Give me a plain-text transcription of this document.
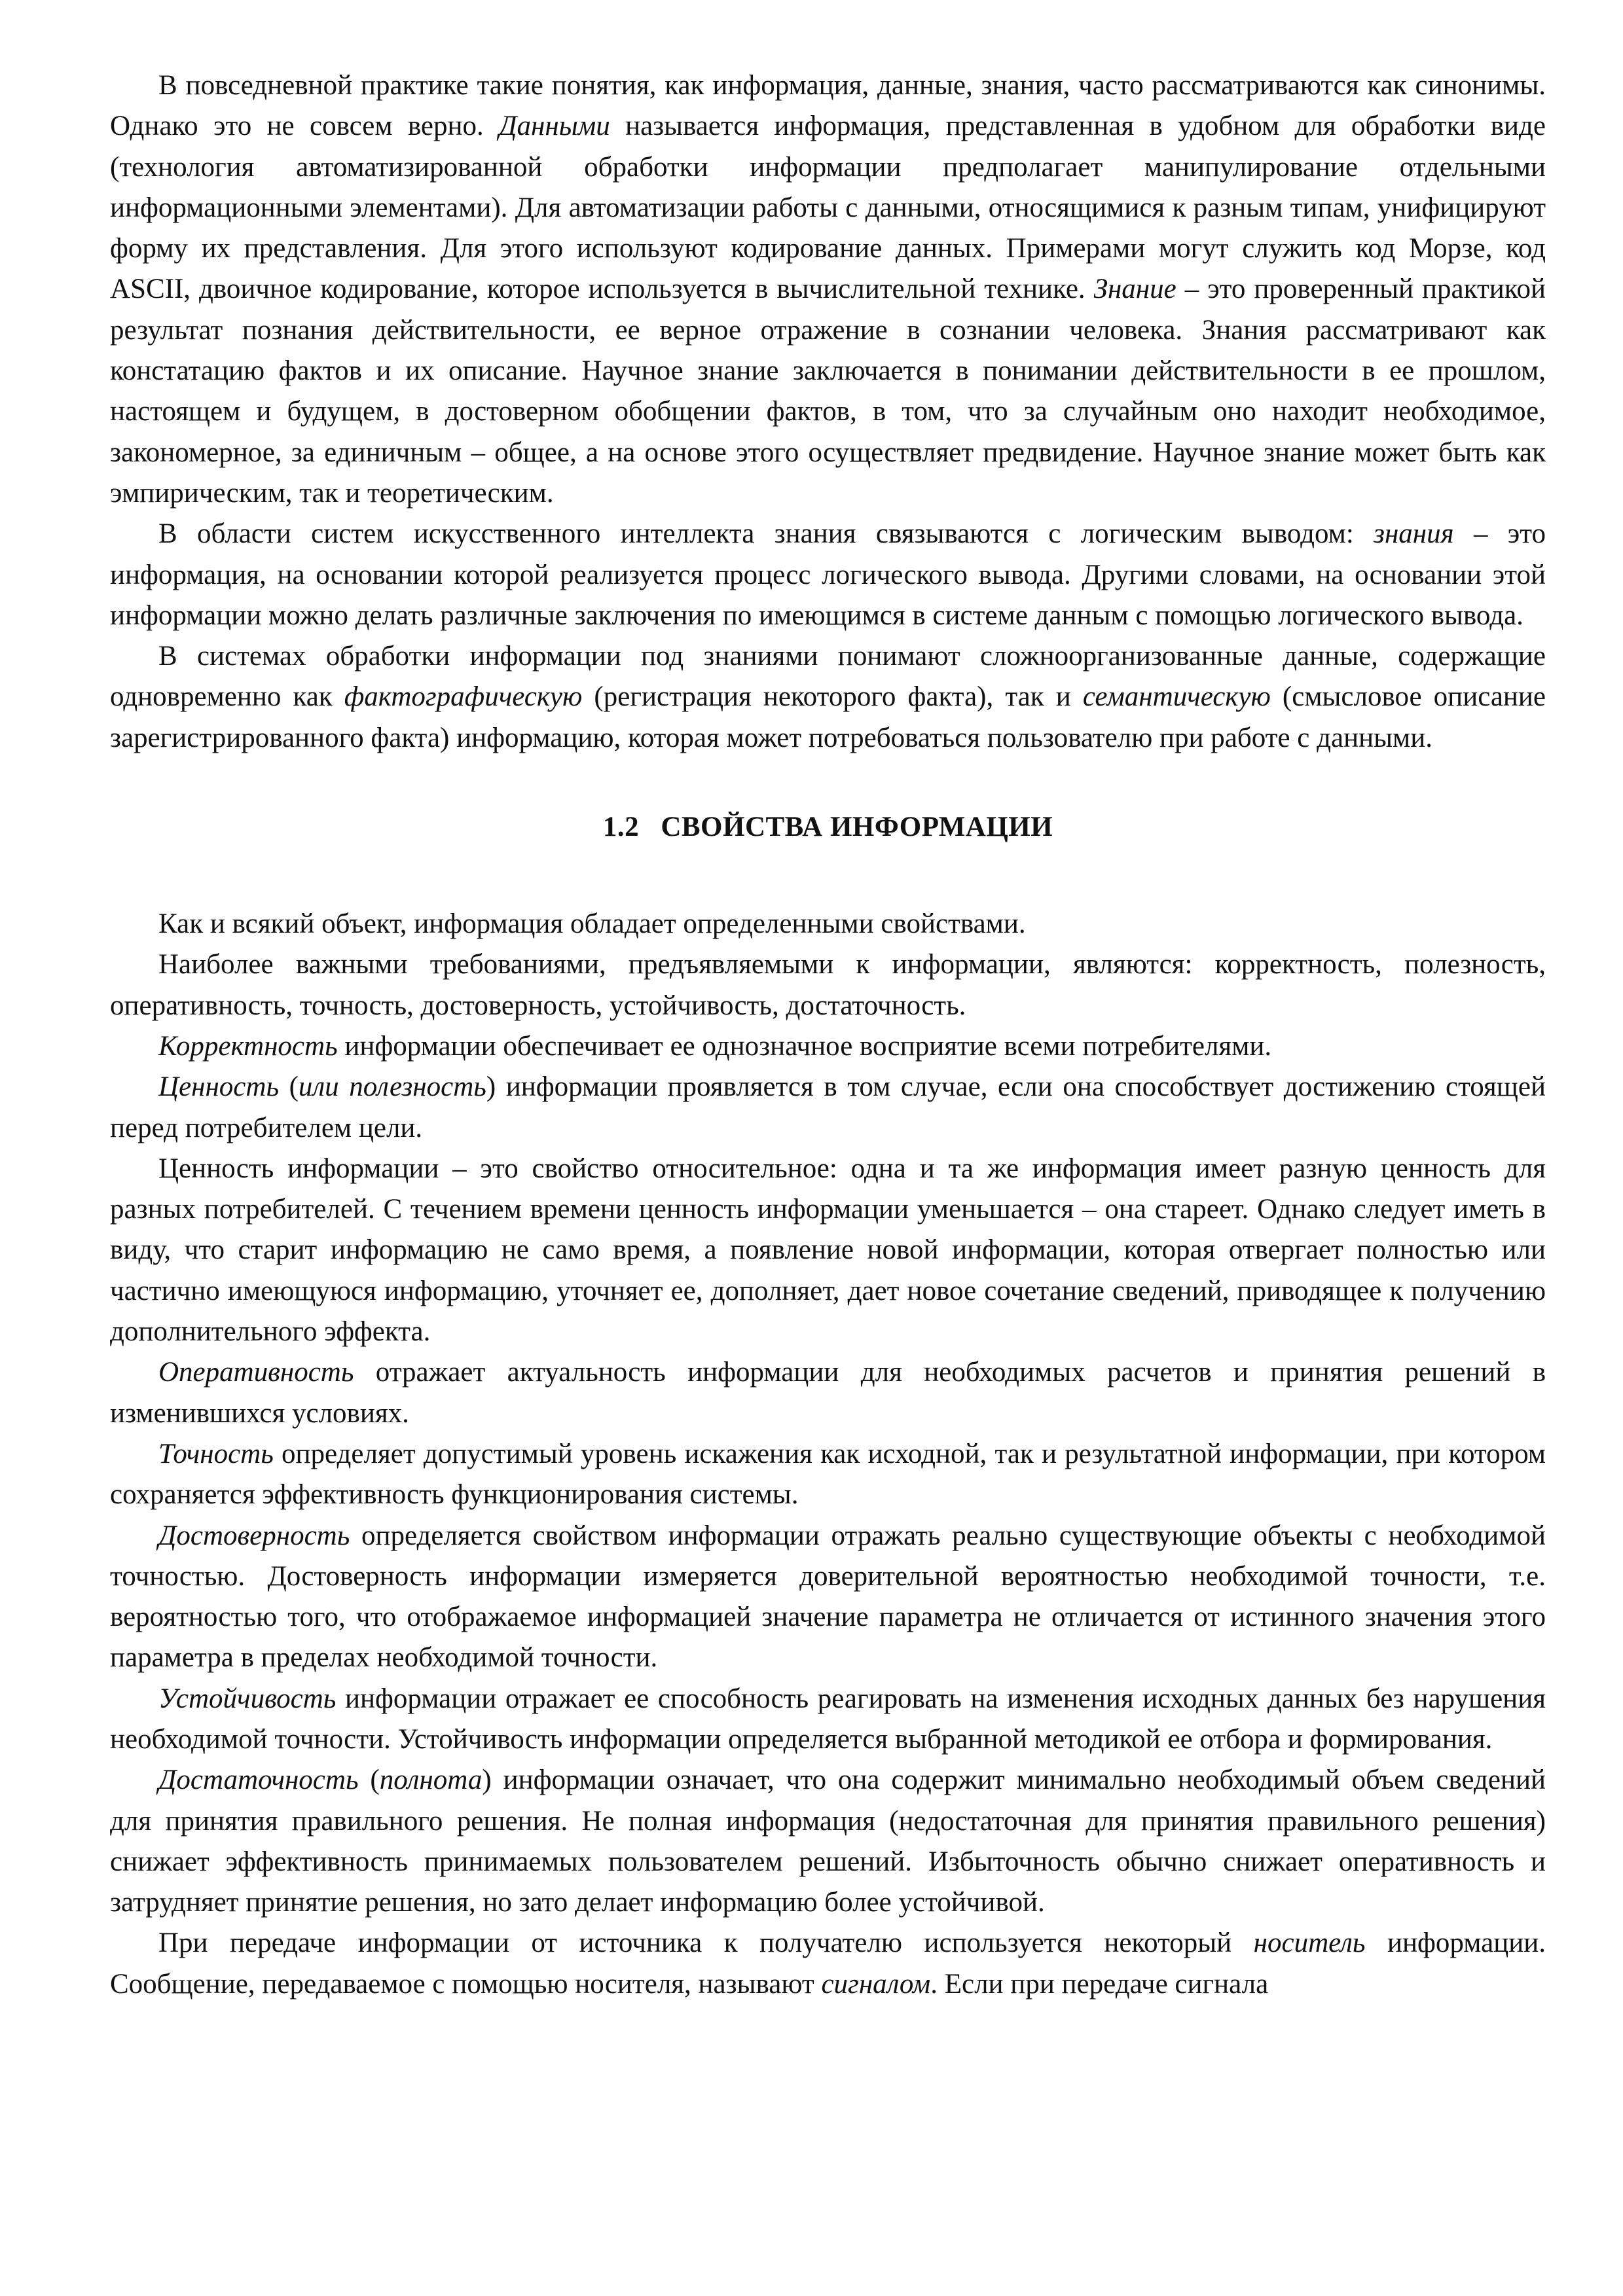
В повседневной практике такие понятия, как информация, данные, знания, часто рассматриваются как синонимы. Однако это не совсем верно. Данными называется информация, представленная в удобном для обработки виде (технология автоматизированной обработки информации предполагает манипулирование отдельными информационными элементами). Для автоматизации работы с данными, относящимися к разным типам, унифицируют форму их представления. Для этого используют кодирование данных. Примерами могут служить код Морзе, код ASCII, двоичное кодирование, которое используется в вычислительной технике. Знание – это проверенный практикой результат познания действительности, ее верное отражение в сознании человека. Знания рассматривают как констатацию фактов и их описание. Научное знание заключается в понимании действительности в ее прошлом, настоящем и будущем, в достоверном обобщении фактов, в том, что за случайным оно находит необходимое, закономерное, за единичным – общее, а на основе этого осуществляет предвидение. Научное знание может быть как эмпирическим, так и теоретическим.

В области систем искусственного интеллекта знания связываются с логическим выводом: знания – это информация, на основании которой реализуется процесс логического вывода. Другими словами, на основании этой информации можно делать различные заключения по имеющимся в системе данным с помощью логического вывода.

В системах обработки информации под знаниями понимают сложноорганизованные данные, содержащие одновременно как фактографическую (регистрация некоторого факта), так и семантическую (смысловое описание зарегистрированного факта) информацию, которая может потребоваться пользователю при работе с данными.

1.2 СВОЙСТВА ИНФОРМАЦИИ

Как и всякий объект, информация обладает определенными свойствами.

Наиболее важными требованиями, предъявляемыми к информации, являются: корректность, полезность, оперативность, точность, достоверность, устойчивость, достаточность.

Корректность информации обеспечивает ее однозначное восприятие всеми потребителями.

Ценность (или полезность) информации проявляется в том случае, если она способствует достижению стоящей перед потребителем цели.

Ценность информации – это свойство относительное: одна и та же информация имеет разную ценность для разных потребителей. С течением времени ценность информации уменьшается – она стареет. Однако следует иметь в виду, что старит информацию не само время, а появление новой информации, которая отвергает полностью или частично имеющуюся информацию, уточняет ее, дополняет, дает новое сочетание сведений, приводящее к получению дополнительного эффекта.

Оперативность отражает актуальность информации для необходимых расчетов и принятия решений в изменившихся условиях.

Точность определяет допустимый уровень искажения как исходной, так и результатной информации, при котором сохраняется эффективность функционирования системы.

Достоверность определяется свойством информации отражать реально существующие объекты с необходимой точностью. Достоверность информации измеряется доверительной вероятностью необходимой точности, т.е. вероятностью того, что отображаемое информацией значение параметра не отличается от истинного значения этого параметра в пределах необходимой точности.

Устойчивость информации отражает ее способность реагировать на изменения исходных данных без нарушения необходимой точности. Устойчивость информации определяется выбранной методикой ее отбора и формирования.

Достаточность (полнота) информации означает, что она содержит минимально необходимый объем сведений для принятия правильного решения. Не полная информация (недостаточная для принятия правильного решения) снижает эффективность принимаемых пользователем решений. Избыточность обычно снижает оперативность и затрудняет принятие решения, но зато делает информацию более устойчивой.

При передаче информации от источника к получателю используется некоторый носитель информации. Сообщение, передаваемое с помощью носителя, называют сигналом. Если при передаче сигнала
